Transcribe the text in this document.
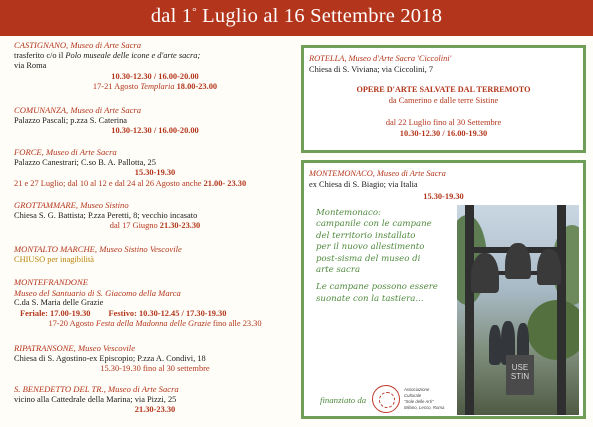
dal 1° Luglio al 16 Settembre 2018
CASTIGNANO, Museo di Arte Sacra
trasferito c/o il Polo museale delle icone e d'arte sacra;
via Roma
10.30-12.30 / 16.00-20.00
17-21 Agosto Templaria 18.00-23.00
COMUNANZA, Museo di Arte Sacra
Palazzo Pascali; p.zza S. Caterina
10.30-12.30 / 16.00-20.00
FORCE, Museo di Arte Sacra
Palazzo Canestrari; C.so B. A. Pallotta, 25
15.30-19.30
21 e 27 Luglio; dal 10 al 12 e dal 24 al 26 Agosto anche 21.00- 23.30
GROTTAMMARE, Museo Sistino
Chiesa S. G. Battista; P.zza Peretti, 8; vecchio incasato
dal 17 Giugno 21.30-23.30
MONTALTO MARCHE, Museo Sistino Vescovile
CHIUSO per inagibilità
MONTEFRANDONE
Museo del Santuario di S. Giacomo della Marca
C.da S. Maria delle Grazie
Feriale: 17.00-19.30 Festivo: 10.30-12.45 / 17.30-19.30
17-20 Agosto Festa della Madonna delle Grazie fino alle 23.30
RIPATRANSONE, Museo Vescovile
Chiesa di S. Agostino-ex Episcopio; P.zza A. Condivi, 18
15.30-19.30 fino al 30 settembre
S. BENEDETTO DEL TR., Museo di Arte Sacra
vicino alla Cattedrale della Marina; via Pizzi, 25
21.30-23.30
ROTELLA, Museo d'Arte Sacra 'Ciccolini'
Chiesa di S. Viviana; via Ciccolini, 7
OPERE D'ARTE SALVATE DAL TERREMOTO
da Camerino e dalle terre Sistine
dal 22 Luglio fino al 30 Settembre
10.30-12.30 / 16.00-19.30
MONTEMONACO, Museo di Arte Sacra
ex Chiesa di S. Biagio; via Italia
15.30-19.30
Montemonaco:
campanile con le campane
del territorio installato
per il nuovo allestimento
post-sisma del museo di
arte sacra
Le campane possono essere
suonate con la tastiera...
USE
STIN
finanziato da
Associazione
Culturale
"Sole delle Arti"
Milano, Lecco, Roma
